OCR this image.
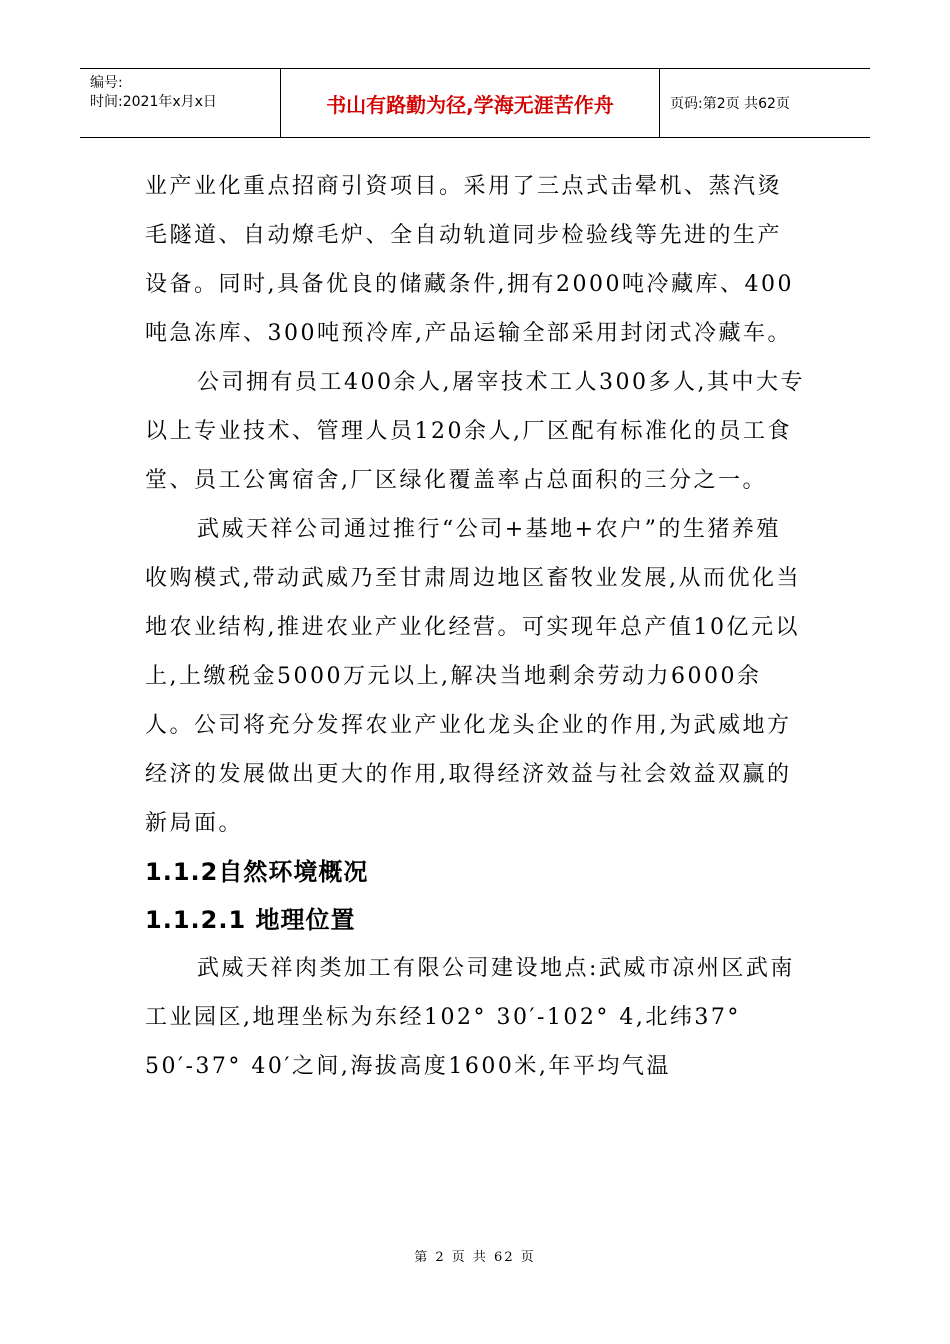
编号:
时间:2021年x月x日	书山有路勤为径,学海无涯苦作舟	页码:第2页 共62页

业产业化重点招商引资项目。采用了三点式击晕机、蒸汽烫毛隧道、自动燎毛炉、全自动轨道同步检验线等先进的生产设备。同时,具备优良的储藏条件,拥有2000吨冷藏库、400吨急冻库、300吨预冷库,产品运输全部采用封闭式冷藏车。

公司拥有员工400余人,屠宰技术工人300多人,其中大专以上专业技术、管理人员120余人,厂区配有标准化的员工食堂、员工公寓宿舍,厂区绿化覆盖率占总面积的三分之一。

武威天祥公司通过推行“公司+基地+农户”的生猪养殖收购模式,带动武威乃至甘肃周边地区畜牧业发展,从而优化当地农业结构,推进农业产业化经营。可实现年总产值10亿元以上,上缴税金5000万元以上,解决当地剩余劳动力6000余人。公司将充分发挥农业产业化龙头企业的作用,为武威地方经济的发展做出更大的作用,取得经济效益与社会效益双赢的新局面。

1.1.2自然环境概况

1.1.2.1 地理位置

武威天祥肉类加工有限公司建设地点:武威市凉州区武南工业园区,地理坐标为东经102° 30′-102° 4,北纬37° 50′-37° 40′之间,海拔高度1600米,年平均气温

第 2 页 共 62 页
